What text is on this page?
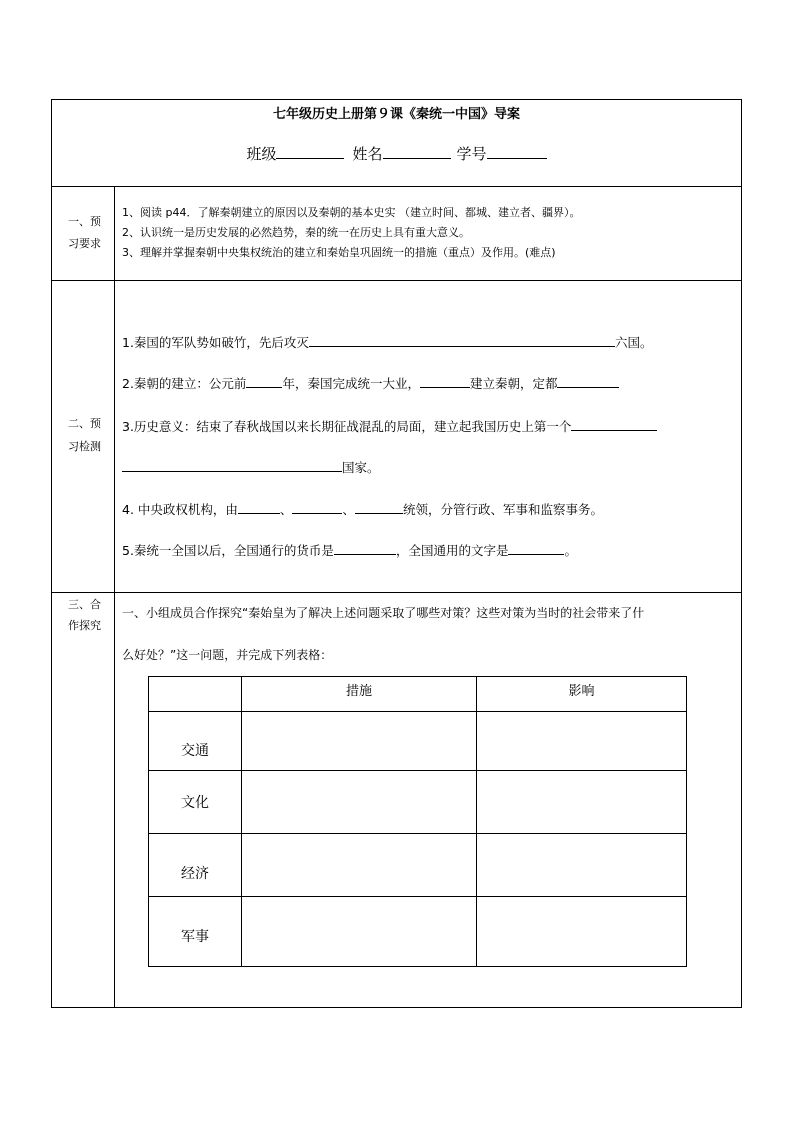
七年级历史上册第９课《秦统一中国》导案
班级	姓名	学号
一、预
习要求
1、阅读 p44．了解秦朝建立的原因以及秦朝的基本史实 （建立时间、都城、建立者、疆界）。
2、认识统一是历史发展的必然趋势，秦的统一在历史上具有重大意义。
3、理解并掌握秦朝中央集权统治的建立和秦始皇巩固统一的措施（重点）及作用。(难点)
二、预
习检测
1.秦国的军队势如破竹，先后攻灭	六国。
2.秦朝的建立：公元前	年，秦国完成统一大业，	建立秦朝，定都
3.历史意义：结束了春秋战国以来长期征战混乱的局面，建立起我国历史上第一个
国家。
4. 中央政权机构，由	、	、	统领，分管行政、军事和监察事务。
5.秦统一全国以后，全国通行的货币是	，全国通用的文字是	。
三、合
作探究
一、小组成员合作探究“秦始皇为了解决上述问题采取了哪些对策？这些对策为当时的社会带来了什
么好处？”这一问题，并完成下列表格：
	措施	影响
交通		
文化		
经济		
军事		
